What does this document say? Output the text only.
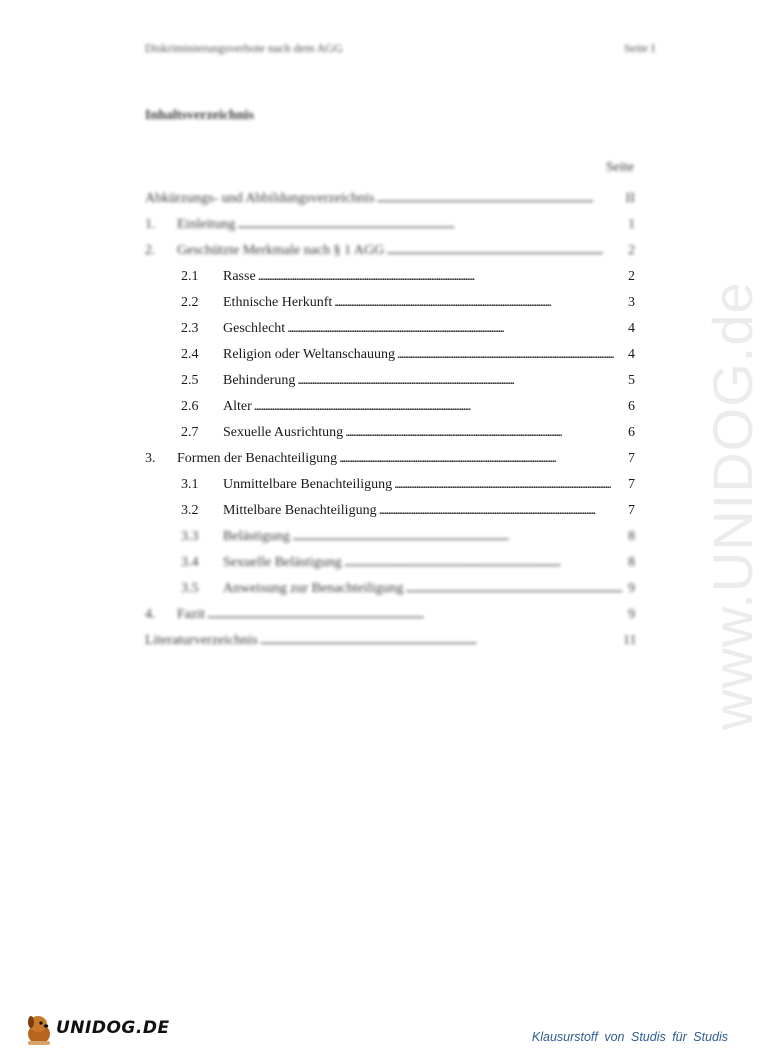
Diskriminierungsverbote nach dem AGG	Seite I
Inhaltsverzeichnis
Seite
Abkürzungs- und Abbildungsverzeichnis . . .	II
1.	Einleitung . . .	1
2.	Geschützte Merkmale nach § 1 AGG . . .	2
2.1	Rasse . . .	2
2.2	Ethnische Herkunft . . .	3
2.3	Geschlecht . . .	4
2.4	Religion oder Weltanschauung . . .	4
2.5	Behinderung . . .	5
2.6	Alter . . .	6
2.7	Sexuelle Ausrichtung . . .	6
3.	Formen der Benachteiligung . . .	7
3.1	Unmittelbare Benachteiligung . . .	7
3.2	Mittelbare Benachteiligung . . .	7
3.3	Belästigung . . .	8
3.4	Sexuelle Belästigung . . .	8
3.5	Anweisung zur Benachteiligung . . .	9
4.	Fazit . . .	9
Literaturverzeichnis . . .	11 www.UNIDOG.de
UNIDOG.DE	Klausurstoff von Studis für Studis
